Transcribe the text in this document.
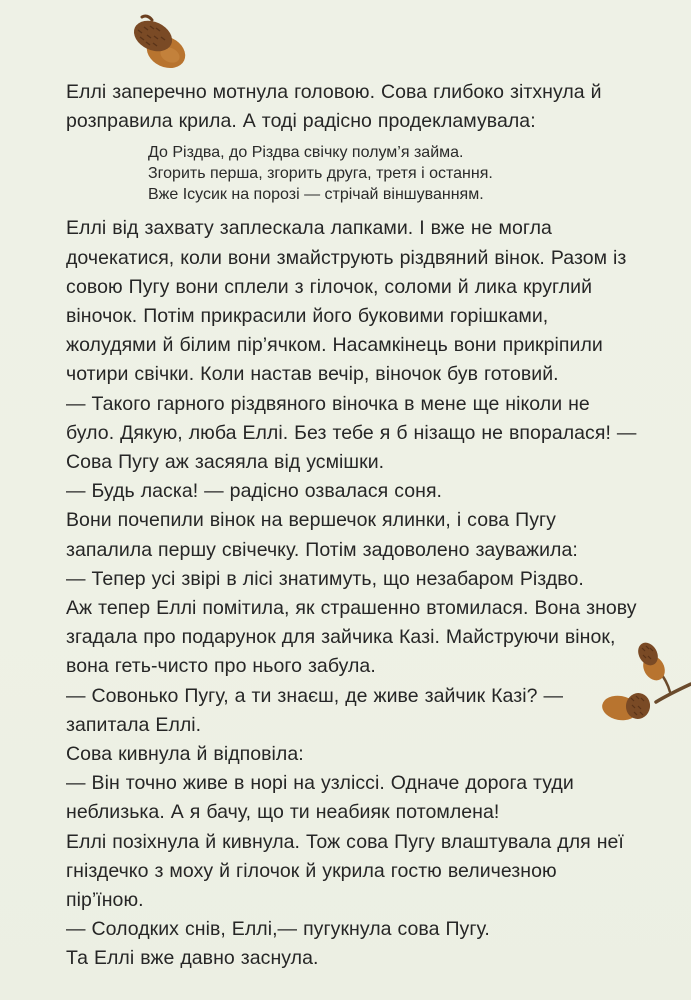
Еллі заперечно мотнула головою. Сова глибоко зітхнула й розправила крила. А тоді радісно продекламувала:

До Різдва, до Різдва свічку полум’я займа.
Згорить перша, згорить друга, третя і остання.
Вже Ісусик на порозі — стрічай віншуванням.

Еллі від захвату заплескала лапками. І вже не могла дочекатися, коли вони змайструють різдвяний вінок. Разом із совою Пугу вони сплели з гілочок, соломи й лика круглий віночок. Потім прикрасили його буковими горішками, жолудями й білим пір’ячком. Насамкінець вони прикріпили чотири свічки. Коли настав вечір, віночок був готовий.

— Такого гарного різдвяного віночка в мене ще ніколи не було. Дякую, люба Еллі. Без тебе я б нізащо не впоралася! — Сова Пугу аж засяяла від усмішки.

— Будь ласка! — радісно озвалася соня.

Вони почепили вінок на вершечок ялинки, і сова Пугу запалила першу свічечку. Потім задоволено зауважила:

— Тепер усі звірі в лісі знатимуть, що незабаром Різдво.

Аж тепер Еллі помітила, як страшенно втомилася. Вона знову згадала про подарунок для зайчика Казі. Майструючи вінок, вона геть-чисто про нього забула.

— Совонько Пугу, а ти знаєш, де живе зайчик Казі? — запитала Еллі.

Сова кивнула й відповіла:

— Він точно живе в норі на узліссі. Одначе дорога туди неблизька. А я бачу, що ти неабияк потомлена!

Еллі позіхнула й кивнула. Тож сова Пугу влаштувала для неї гніздечко з моху й гілочок й укрила гостю величезною пір’їною.

— Солодких снів, Еллі,— пугукнула сова Пугу.

Та Еллі вже давно заснула.
